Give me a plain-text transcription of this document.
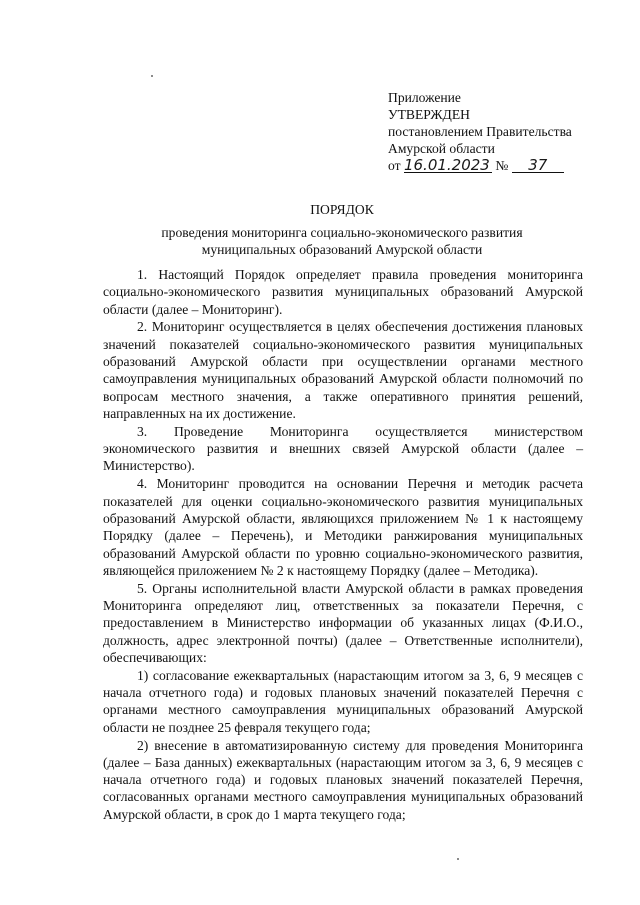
Приложение
УТВЕРЖДЕН
постановлением Правительства
Амурской области
от 16.01.2023 № 37
ПОРЯДОК
проведения мониторинга социально-экономического развития
муниципальных образований Амурской области

1. Настоящий Порядок определяет правила проведения мониторинга социально-экономического развития муниципальных образований Амурской области (далее – Мониторинг).

2. Мониторинг осуществляется в целях обеспечения достижения плановых значений показателей социально-экономического развития муниципальных образований Амурской области при осуществлении органами местного самоуправления муниципальных образований Амурской области полномочий по вопросам местного значения, а также оперативного принятия решений, направленных на их достижение.

3. Проведение Мониторинга осуществляется министерством экономического развития и внешних связей Амурской области (далее – Министерство).

4. Мониторинг проводится на основании Перечня и методик расчета показателей для оценки социально-экономического развития муниципальных образований Амурской области, являющихся приложением № 1 к настоящему Порядку (далее – Перечень), и Методики ранжирования муниципальных образований Амурской области по уровню социально-экономического развития, являющейся приложением № 2 к настоящему Порядку (далее – Методика).

5. Органы исполнительной власти Амурской области в рамках проведения Мониторинга определяют лиц, ответственных за показатели Перечня, с предоставлением в Министерство информации об указанных лицах (Ф.И.О., должность, адрес электронной почты) (далее – Ответственные исполнители), обеспечивающих:

1) согласование ежеквартальных (нарастающим итогом за 3, 6, 9 месяцев с начала отчетного года) и годовых плановых значений показателей Перечня с органами местного самоуправления муниципальных образований Амурской области не позднее 25 февраля текущего года;

2) внесение в автоматизированную систему для проведения Мониторинга (далее – База данных) ежеквартальных (нарастающим итогом за 3, 6, 9 месяцев с начала отчетного года) и годовых плановых значений показателей Перечня, согласованных органами местного самоуправления муниципальных образований Амурской области, в срок до 1 марта текущего года;
